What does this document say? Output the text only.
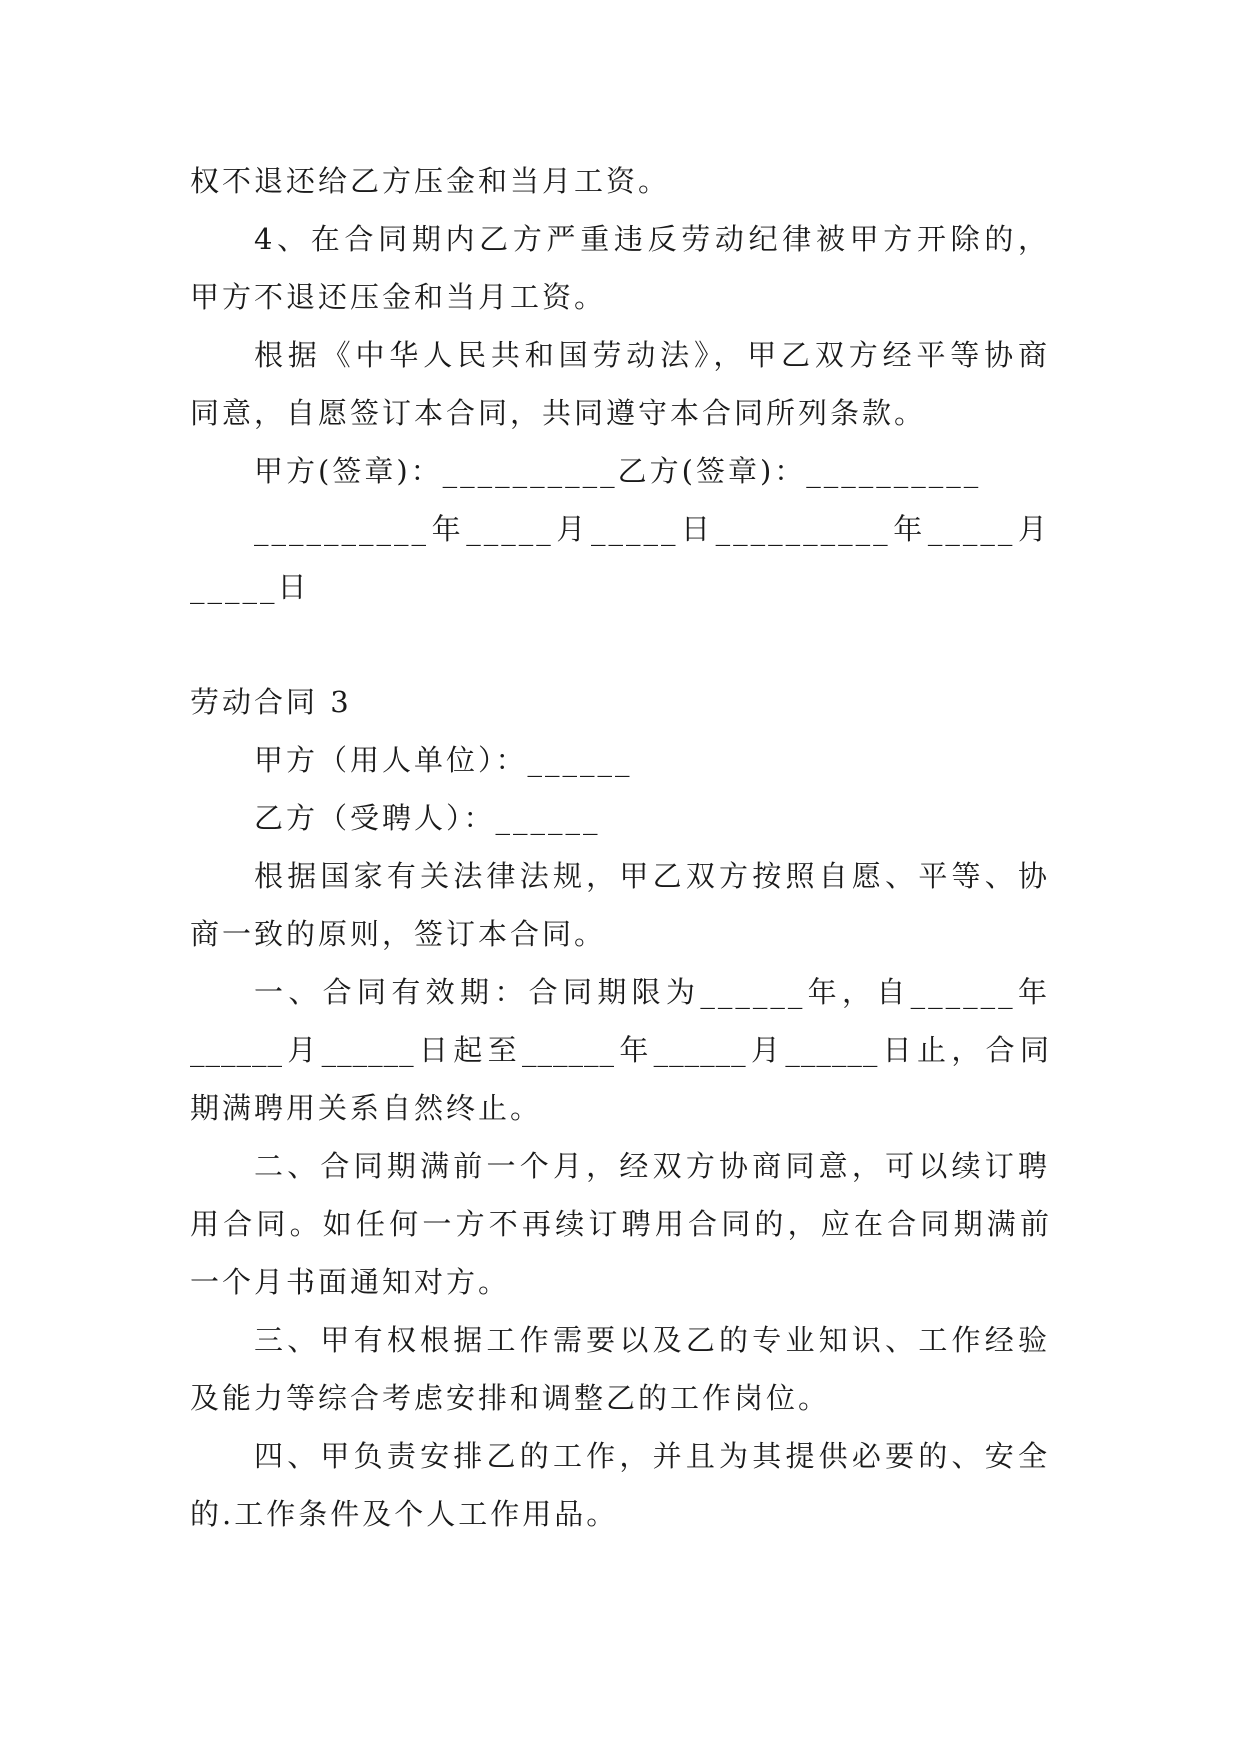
权不退还给乙方压金和当月工资。
4、在合同期内乙方严重违反劳动纪律被甲方开除的，
甲方不退还压金和当月工资。
根据《中华人民共和国劳动法》，甲乙双方经平等协商
同意，自愿签订本合同，共同遵守本合同所列条款。
甲方(签章)：__________乙方(签章)：__________
__________年_____月_____日__________年_____月
_____日
劳动合同 3
甲方（用人单位）：______
乙方（受聘人）：______
根据国家有关法律法规，甲乙双方按照自愿、平等、协
商一致的原则，签订本合同。
一、合同有效期：合同期限为______年，自______年
______月______日起至______年______月______日止，合同
期满聘用关系自然终止。
二、合同期满前一个月，经双方协商同意，可以续订聘
用合同。如任何一方不再续订聘用合同的，应在合同期满前
一个月书面通知对方。
三、甲有权根据工作需要以及乙的专业知识、工作经验
及能力等综合考虑安排和调整乙的工作岗位。
四、甲负责安排乙的工作，并且为其提供必要的、安全
的.工作条件及个人工作用品。
